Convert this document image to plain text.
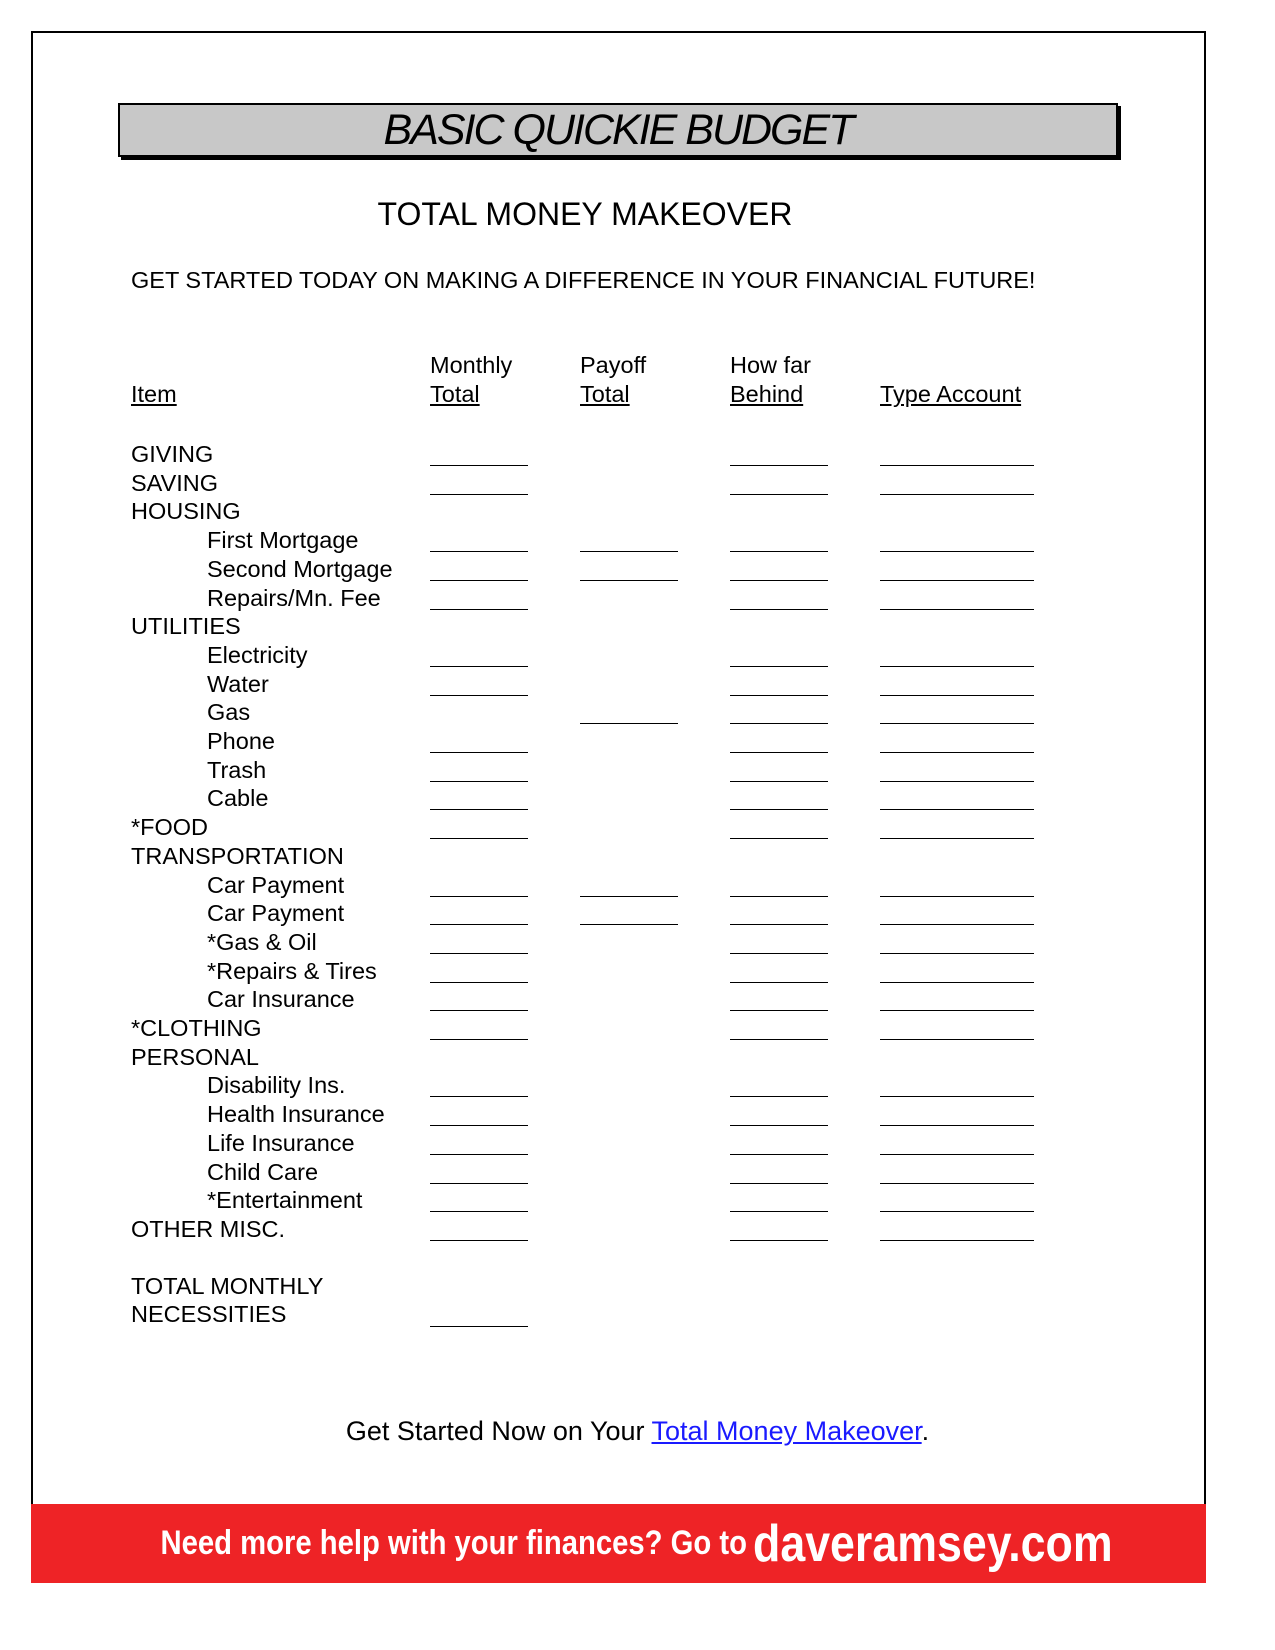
BASIC QUICKIE BUDGET
TOTAL MONEY MAKEOVER
GET STARTED TODAY ON MAKING A DIFFERENCE IN YOUR FINANCIAL FUTURE!

Item
Monthly
Total
Payoff
Total
How far
Behind
	Type Account
GIVING
SAVING
HOUSING
First Mortgage
Second Mortgage
Repairs/Mn. Fee
UTILITIES
Electricity
Water
Gas
Phone
Trash
Cable
*FOOD
TRANSPORTATION
Car Payment
Car Payment
*Gas & Oil
*Repairs & Tires
Car Insurance
*CLOTHING
PERSONAL
Disability Ins.
Health Insurance
Life Insurance
Child Care
*Entertainment
OTHER MISC.
TOTAL MONTHLY
NECESSITIES
Get Started Now on Your Total Money Makeover.
Need more help with your finances? Go to daveramsey.com
